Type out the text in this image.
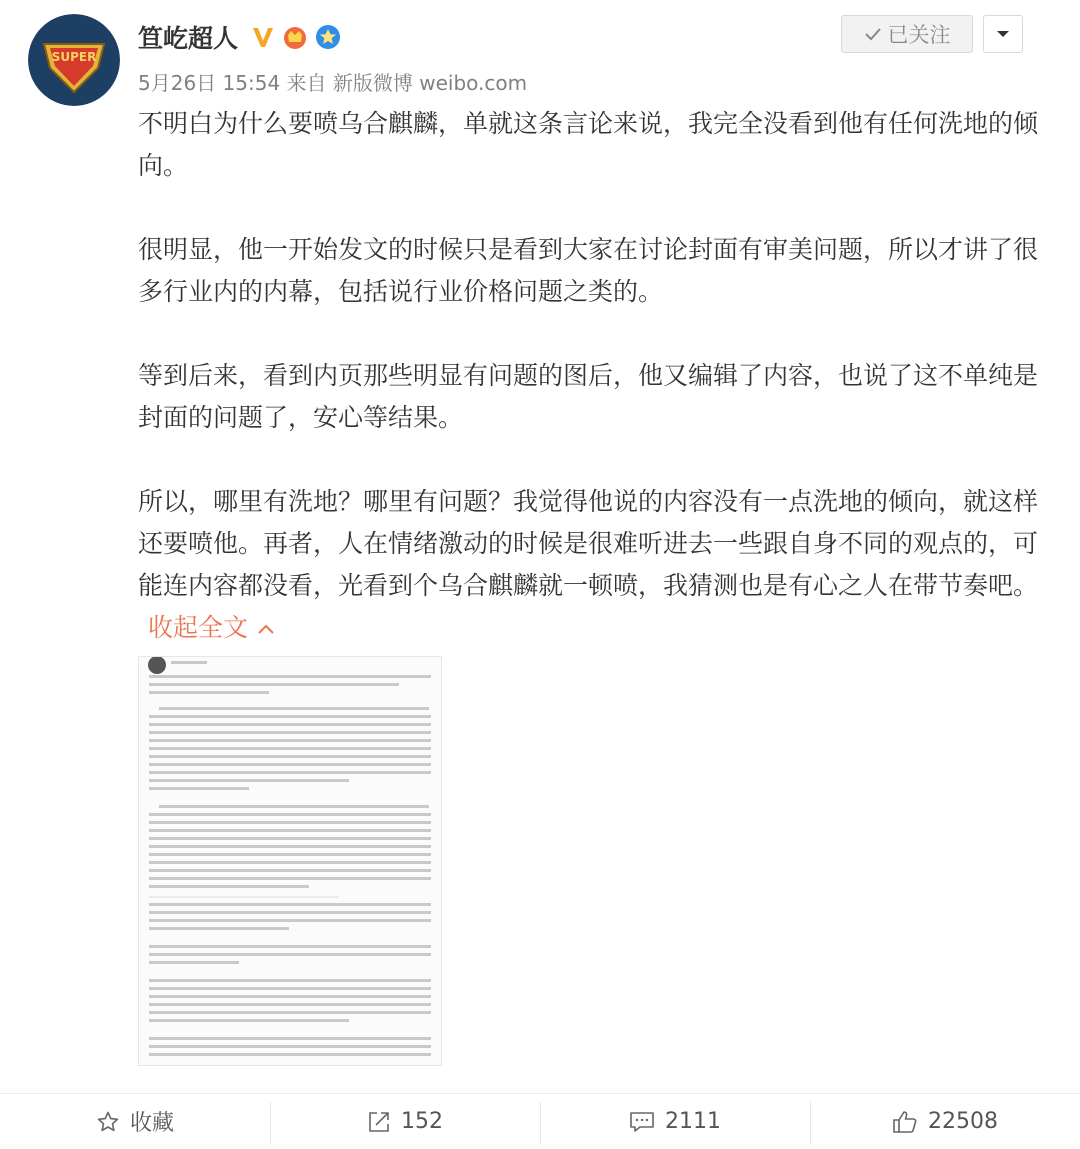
SUPER
笪屹超人
5月26日 15:54 来自 新版微博 weibo.com
已关注

不明白为什么要喷乌合麒麟，单就这条言论来说，我完全没看到他有任何洗地的倾向。

很明显，他一开始发文的时候只是看到大家在讨论封面有审美问题，所以才讲了很多行业内的内幕，包括说行业价格问题之类的。

等到后来，看到内页那些明显有问题的图后，他又编辑了内容，也说了这不单纯是封面的问题了，安心等结果。

所以，哪里有洗地？哪里有问题？我觉得他说的内容没有一点洗地的倾向，就这样还要喷他。再者，人在情绪激动的时候是很难听进去一些跟自身不同的观点的，可能连内容都没看，光看到个乌合麒麟就一顿喷，我猜测也是有心之人在带节奏吧。收起全文

收藏	152	2111	22508
